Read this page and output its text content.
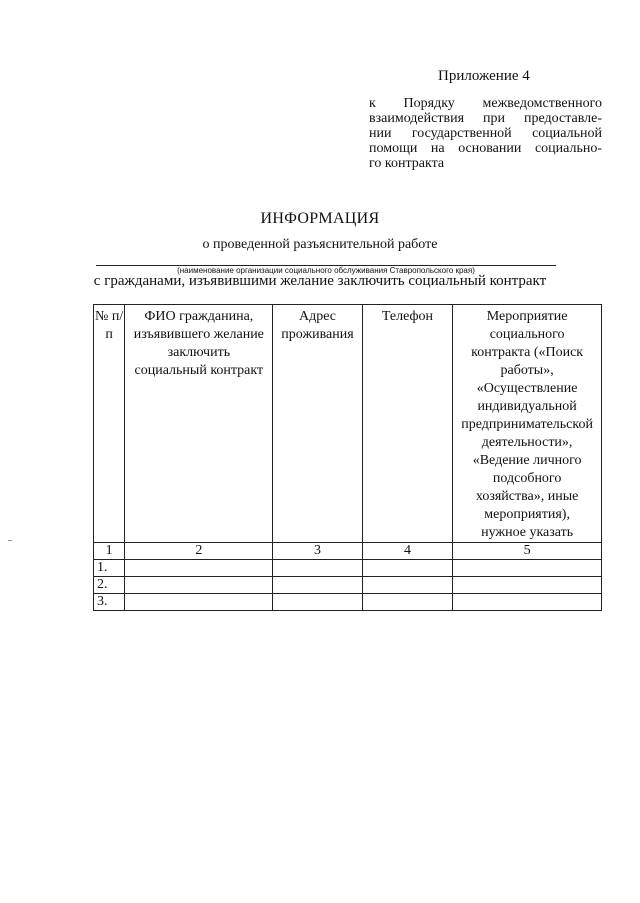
Приложение 4
к Порядку межведомственного
взаимодействия при предоставле-
нии государственной социальной
помощи на основании социально-
го контракта
ИНФОРМАЦИЯ
о проведенной разъяснительной работе
(наименование организации социального обслуживания Ставропольского края)
с гражданами, изъявившими желание заключить социальный контракт
№ п/п	ФИО гражданина, изъявившего желание заключить социальный контракт	Адрес проживания	Телефон	Мероприятие социального контракта («Поиск работы», «Осуществление индивидуальной предпринимательской деятельности», «Ведение личного подсобного хозяйства», иные мероприятия), нужное указать
1	2	3	4	5
1.				
2.				
3.				
